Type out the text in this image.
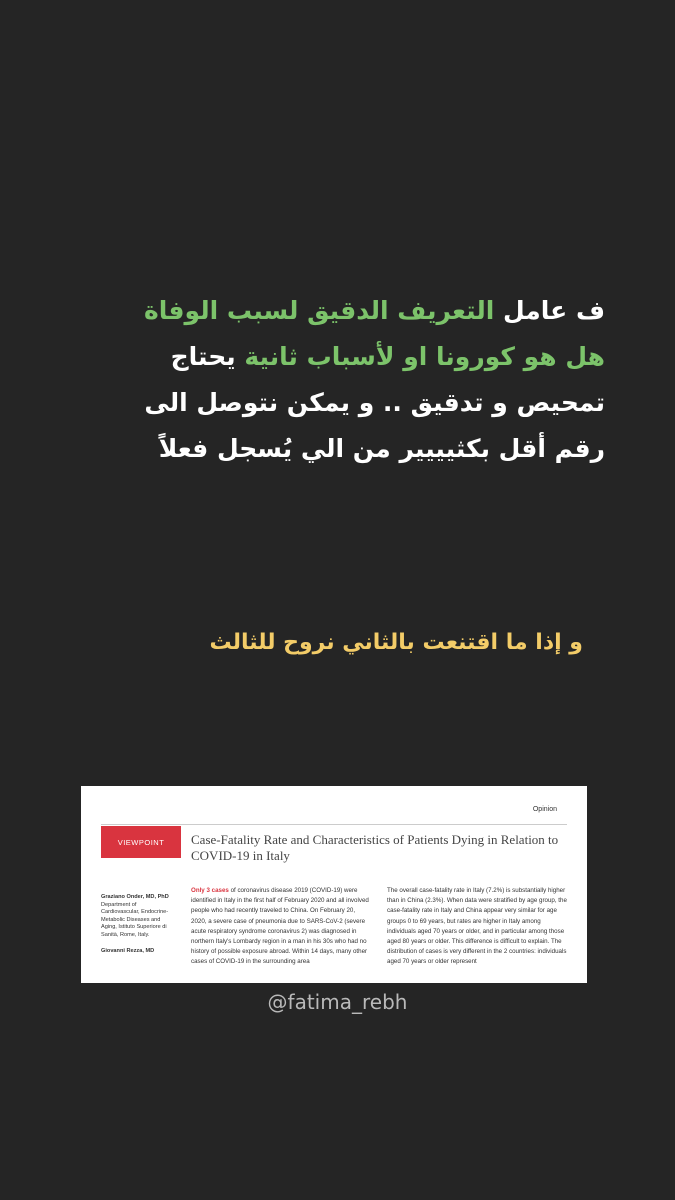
ف عامل التعريف الدقيق لسبب الوفاة
هل هو كورونا او لأسباب ثانية يحتاج
تمحيص و تدقيق .. و يمكن نتوصل الى
رقم أقل بكثيييير من الي يُسجل فعلاً
و إذا ما اقتنعت بالثاني نروح للثالث
Opinion
VIEWPOINT	Case-Fatality Rate and Characteristics of Patients Dying in Relation to COVID-19 in Italy
Graziano Onder, MD, PhD
Department of Cardiovascular, Endocrine-Metabolic Diseases and Aging, Istituto Superiore di Sanità, Rome, Italy.
Giovanni Rezza, MD
Only 3 cases of coronavirus disease 2019 (COVID-19) were identified in Italy in the first half of February 2020 and all involved people who had recently traveled to China. On February 20, 2020, a severe case of pneumonia due to SARS-CoV-2 (severe acute respiratory syndrome coronavirus 2) was diagnosed in northern Italy's Lombardy region in a man in his 30s who had no history of possible exposure abroad. Within 14 days, many other cases of COVID-19 in the surrounding area
The overall case-fatality rate in Italy (7.2%) is substantially higher than in China (2.3%). When data were stratified by age group, the case-fatality rate in Italy and China appear very similar for age groups 0 to 69 years, but rates are higher in Italy among individuals aged 70 years or older, and in particular among those aged 80 years or older. This difference is difficult to explain. The distribution of cases is very different in the 2 countries: individuals aged 70 years or older represent
@fatima_rebh
